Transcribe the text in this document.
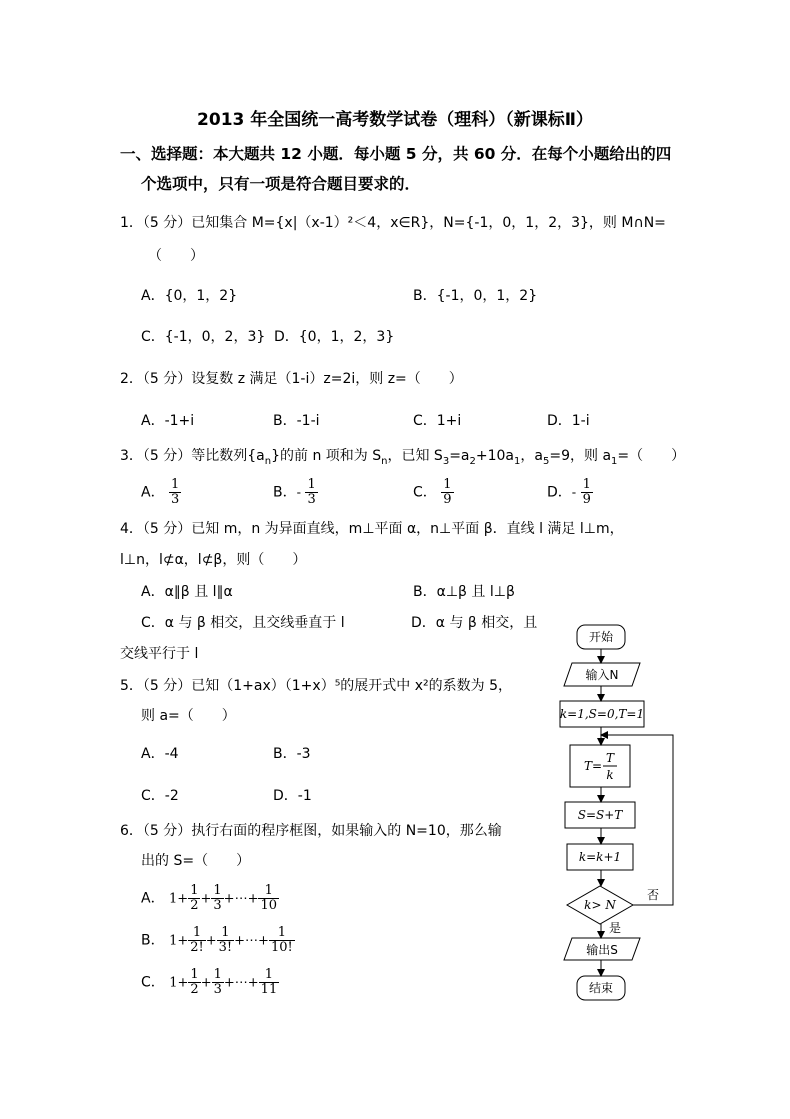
2013 年全国统一高考数学试卷（理科）（新课标Ⅱ）
一、选择题：本大题共 12 小题．每小题 5 分，共 60 分．在每个小题给出的四
个选项中，只有一项是符合题目要求的．
1．（5 分）已知集合 M={x|（x-1）²＜4，x∈R}，N={-1，0，1，2，3}，则 M∩N=
（　　）
A．{0，1，2}	B．{-1，0，1，2}
C．{-1，0，2，3} D．{0，1，2，3}
2．（5 分）设复数 z 满足（1-i）z=2i，则 z=（　　）
A．-1+i	B．-1-i	C．1+i	D．1-i
3．（5 分）等比数列$\{a_n\}$的前 n 项和为 $S_n$，已知 $S_3=a_2+10a_1$，$a_5=9$，则 $a_1=$（　　）
A． $\frac{1}{3}$	B．- $\frac{1}{3}$	C． $\frac{1}{9}$	D．- $\frac{1}{9}$
4．（5 分）已知 m，n 为异面直线，m⊥平面 α，n⊥平面 β．直线 l 满足 l⊥m，
l⊥n，l⊄α，l⊄β，则（　　）
A．α∥β 且 l∥α	B．α⊥β 且 l⊥β
C．α 与 β 相交，且交线垂直于 l	D．α 与 β 相交，且
交线平行于 l
5．（5 分）已知（1+ax）（1+x）⁵的展开式中 x²的系数为 5，
则 a=（　　）
A．-4	B．-3
C．-2	D．-1
6．（5 分）执行右面的程序框图，如果输入的 N=10，那么输
出的 S=（　　）
A． $1+ \frac{1}{2} + \frac{1}{3}$ +⋯+ $\frac{1}{10}$
B． $1+ \frac{1}{2!} + \frac{1}{3!}$ +⋯+ $\frac{1}{10!}$
C． $1+ \frac{1}{2} + \frac{1}{3}$ +⋯+ $\frac{1}{11}$
开始
输入N
k=1,S=0,T=1
T=
T
k
S=S+T
k=k+1
k> N
否
是
输出S
结束
